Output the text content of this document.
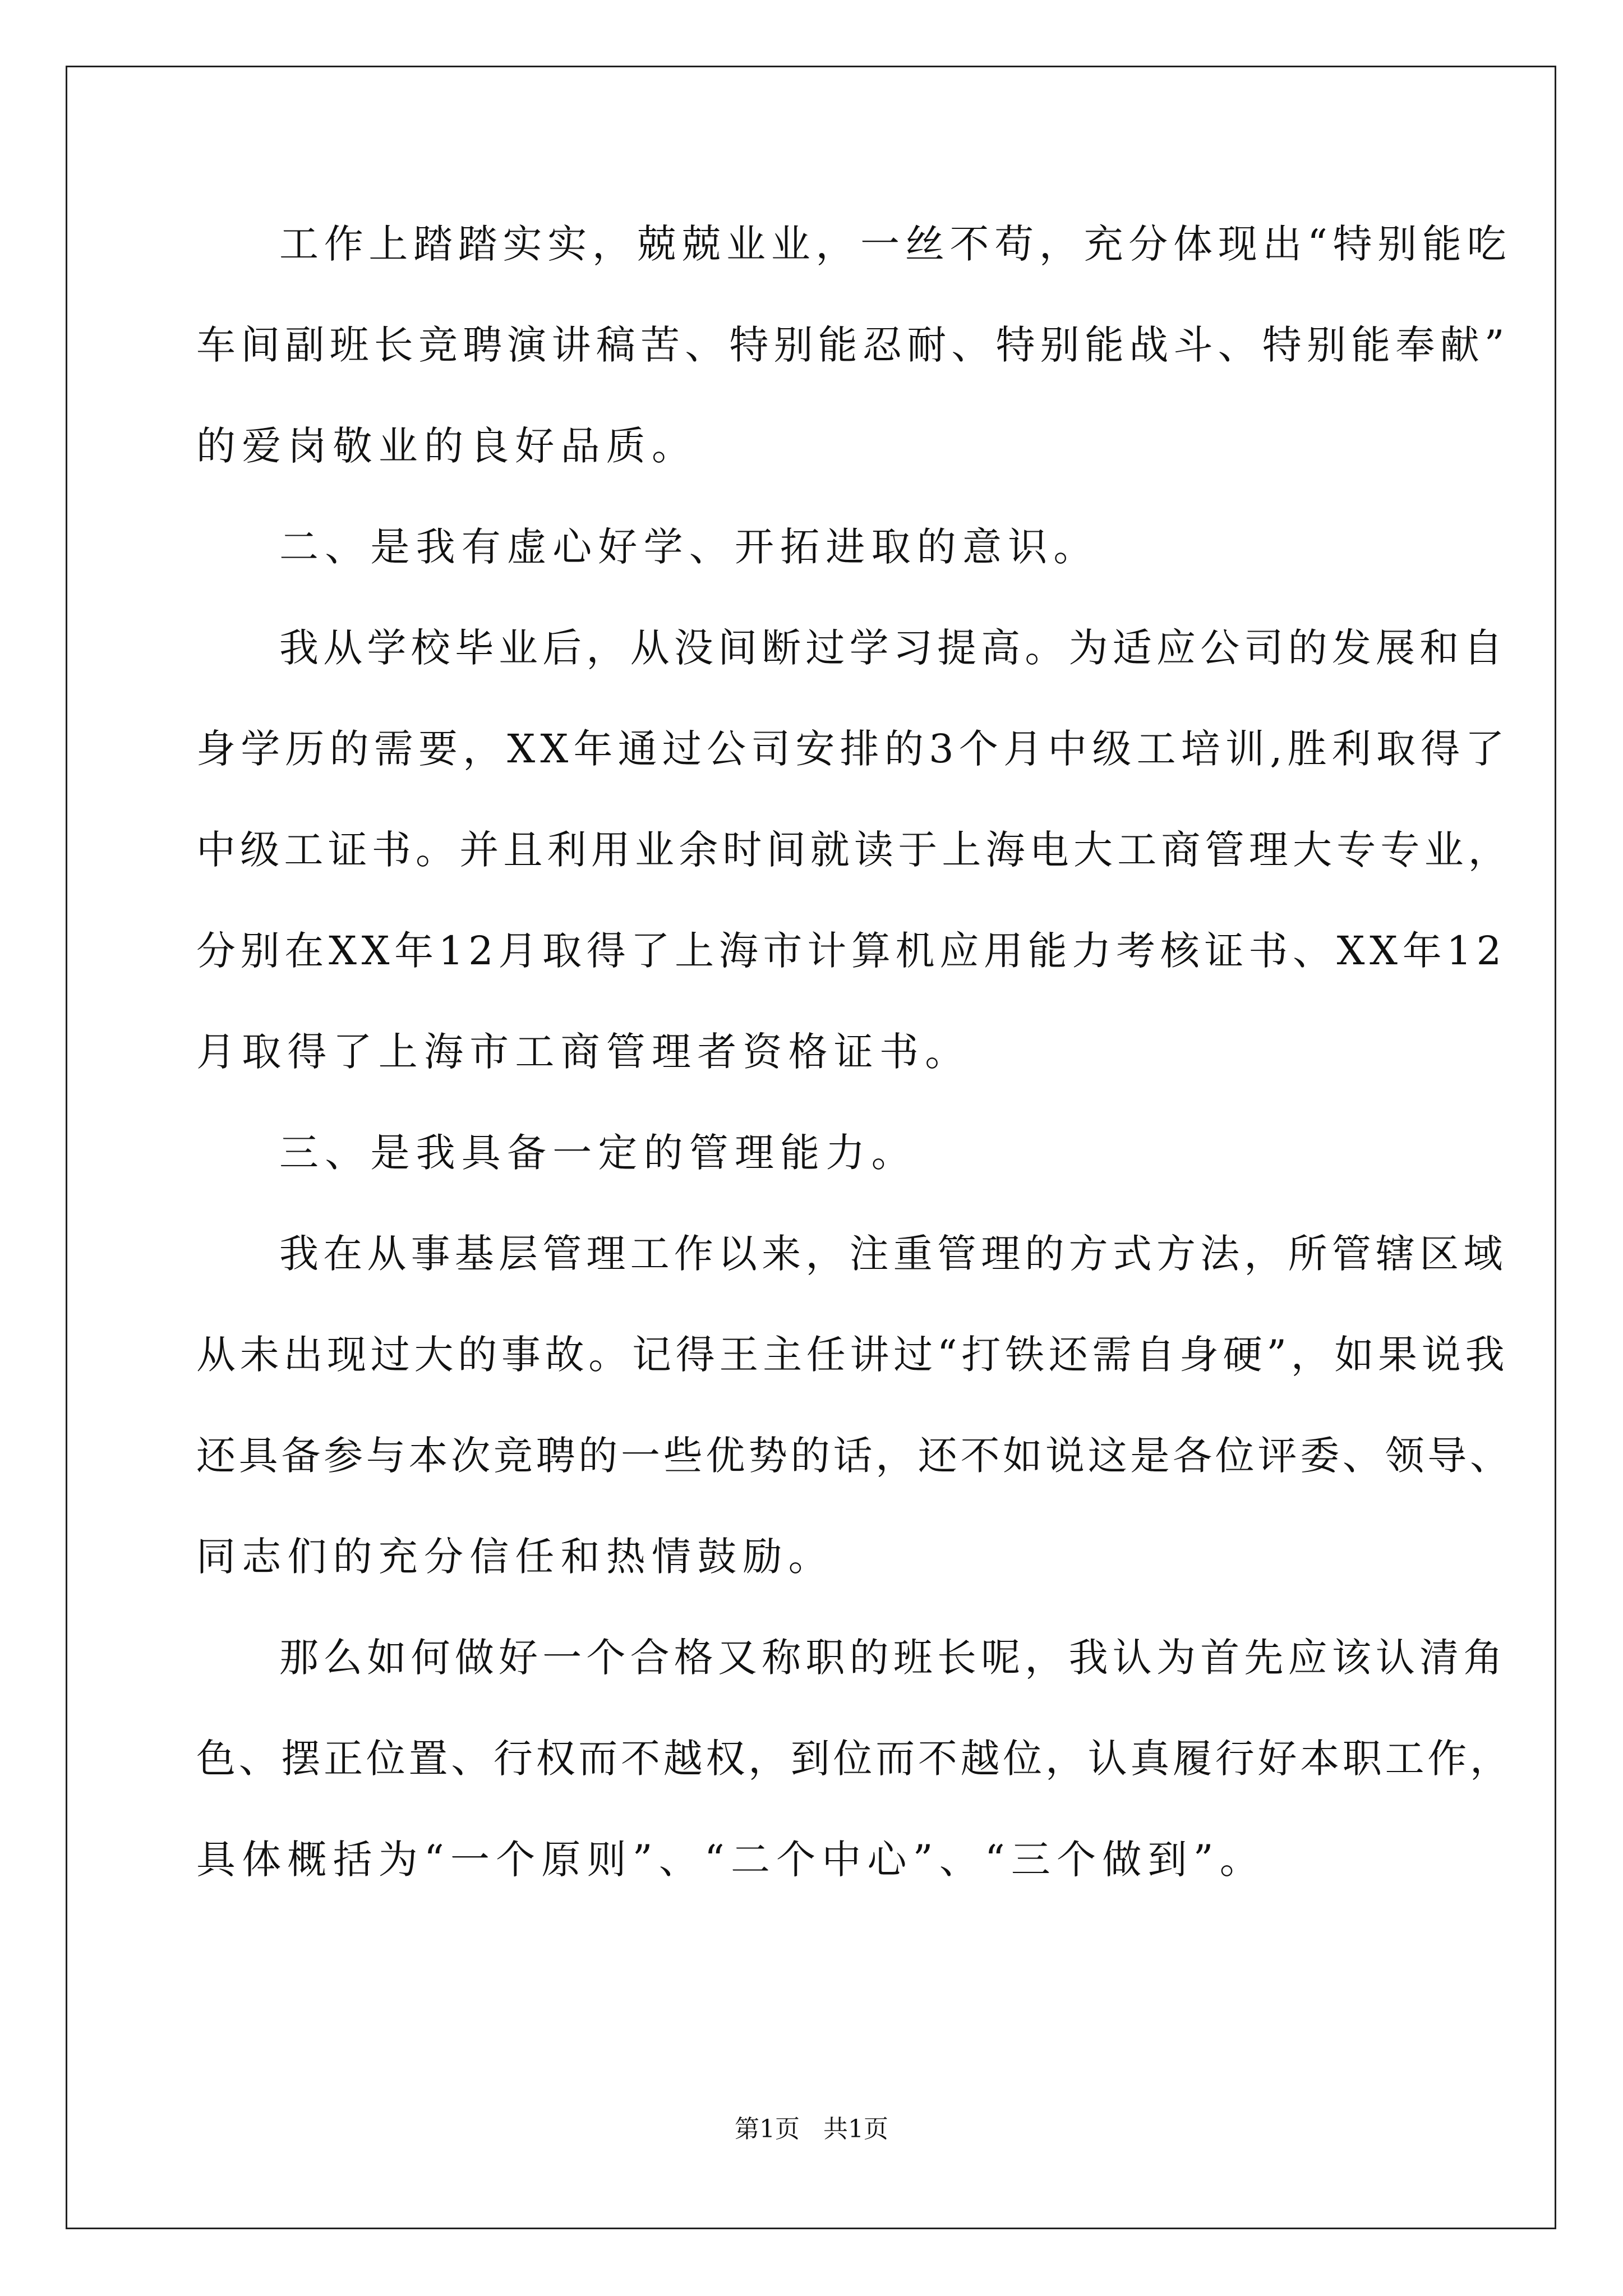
工作上踏踏实实，兢兢业业，一丝不苟，充分体现出“特别能吃
车间副班长竞聘演讲稿苦、特别能忍耐、特别能战斗、特别能奉献”
的爱岗敬业的良好品质。
二、是我有虚心好学、开拓进取的意识。
我从学校毕业后，从没间断过学习提高。为适应公司的发展和自
身学历的需要，XX年通过公司安排的3个月中级工培训,胜利取得了
中级工证书。并且利用业余时间就读于上海电大工商管理大专专业，
分别在XX年12月取得了上海市计算机应用能力考核证书、XX年12
月取得了上海市工商管理者资格证书。
三、是我具备一定的管理能力。
我在从事基层管理工作以来，注重管理的方式方法，所管辖区域
从未出现过大的事故。记得王主任讲过“打铁还需自身硬”，如果说我
还具备参与本次竞聘的一些优势的话，还不如说这是各位评委、领导、
同志们的充分信任和热情鼓励。
那么如何做好一个合格又称职的班长呢，我认为首先应该认清角
色、摆正位置、行权而不越权，到位而不越位，认真履行好本职工作，
具体概括为“一个原则”、“二个中心”、“三个做到”。
第1页   共1页
